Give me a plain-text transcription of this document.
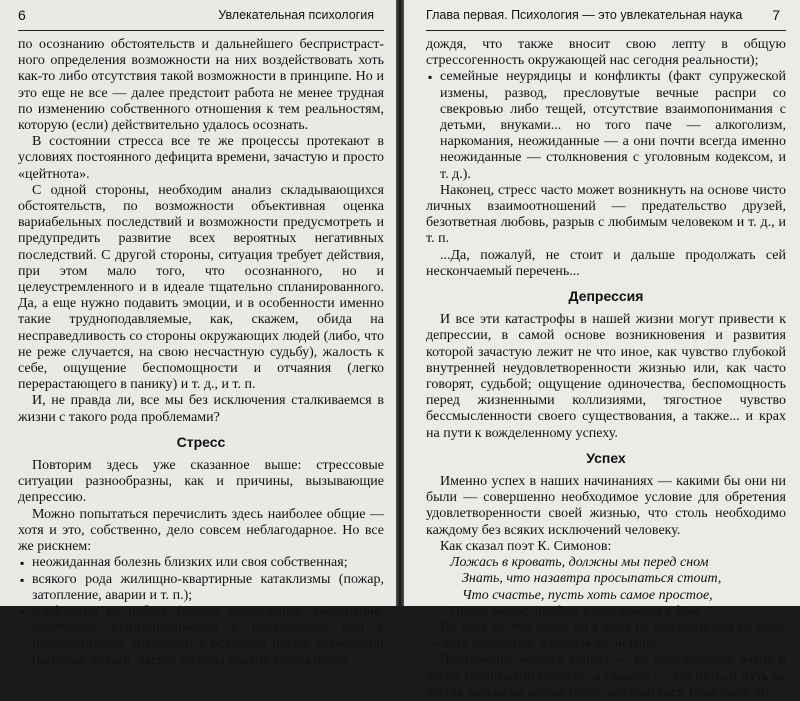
6	Увлекательная психология

по осознанию обстоятельств и дальнейшего беспристраст-ного определения возможности на них воздействовать хоть как-то либо отсутствия такой возможности в принципе. Но и это еще не все — далее предстоит работа не менее трудная по изменению собственного отношения к тем реальностям, которую (если) действительно удалось осознать.

В состоянии стресса все те же процессы протекают в условиях постоянного дефицита времени, зачастую и просто «цейтнота».

С одной стороны, необходим анализ складывающихся обстоятельств, по возможности объективная оценка вариабельных последствий и возможности предусмотреть и предупредить развитие всех вероятных негативных последствий. С другой стороны, ситуация требует действия, при этом мало того, что осознанного, но и целеустремленного и в идеале тщательно спланированного. Да, а еще нужно подавить эмоции, и в особенности именно такие трудноподавляемые, как, скажем, обида на несправедливость со стороны окружающих людей (либо, что не реже случается, на свою несчастную судьбу), жалость к себе, ощущение беспомощности и отчаяния (легко перерастающего в панику) и т. д., и т. п.

И, не правда ли, все мы без исключения сталкиваемся в жизни с такого рода проблемами?

Стресс

Повторим здесь уже сказанное выше: стрессовые ситуации разнообразны, как и причины, вызывающие депрессию.

Можно попытаться перечислить здесь наиболее общие — хотя и это, собственно, дело совсем неблагодарное. Но все же рискнем:

▪ неожиданная болезнь близких или своя собственная;
▪ всякого рода жилищно-квартирные катаклизмы (пожар, затопление, аварии и т. п.);
▪ конфликты на работе (угроза сокращения, увольнение, отсутствие взаимопонимания с начальником или с подчиненными, трудности в освоении новых технологий (которые, кстати, растут сегодня словно грибы после
Глава первая. Психология — это увлекательная наука 7

дождя, что также вносит свою лепту в общую стрессогенность окружающей нас сегодня реальности);

▪ семейные неурядицы и конфликты (факт супружеской измены, развод, пресловутые вечные распри со свекровью либо тещей, отсутствие взаимопонимания с детьми, внуками... но того паче — алкоголизм, наркомания, неожиданные — а они почти всегда именно неожиданные — столкновения с уголовным кодексом, и т. д.).

Наконец, стресс часто может возникнуть на основе чисто личных взаимоотношений — предательство друзей, безответная любовь, разрыв с любимым человеком и т. д., и т. п.

...Да, пожалуй, не стоит и дальше продолжать сей нескончаемый перечень...

Депрессия

И все эти катастрофы в нашей жизни могут привести к депрессии, в самой основе возникновения и развития которой зачастую лежит не что иное, как чувство глубокой внутренней неудовлетворенности жизнью или, как часто говорят, судьбой; ощущение одиночества, беспомощность перед жизненными коллизиями, тягостное чувство бессмысленности своего существования, а также... и крах на пути к вожделенному успеху.

Успех

Именно успех в наших начинаниях — какими бы они ни были — совершенно необходимое условие для обретения удовлетворенности своей жизнью, что столь необходимо каждому без всяких исключений человеку.

Как сказал поэт К. Симонов:

Ложась в кровать, должны мы перед сном
Знать, что назавтра просыпаться стоит,
Что счастье, пусть хоть самое простое,
Пусть малое, придет к нам завтра в дом.

Но ведь то, что успех ни к кому не приходит сам по себе, — есть банальная, в общем-то, истина.

Достижение всякого успеха — по определению очень и очень трудоемкий процесс, а главное — это путь, и путь не всегда далеко не всегда горит зеленый свет. Куда чаще это
